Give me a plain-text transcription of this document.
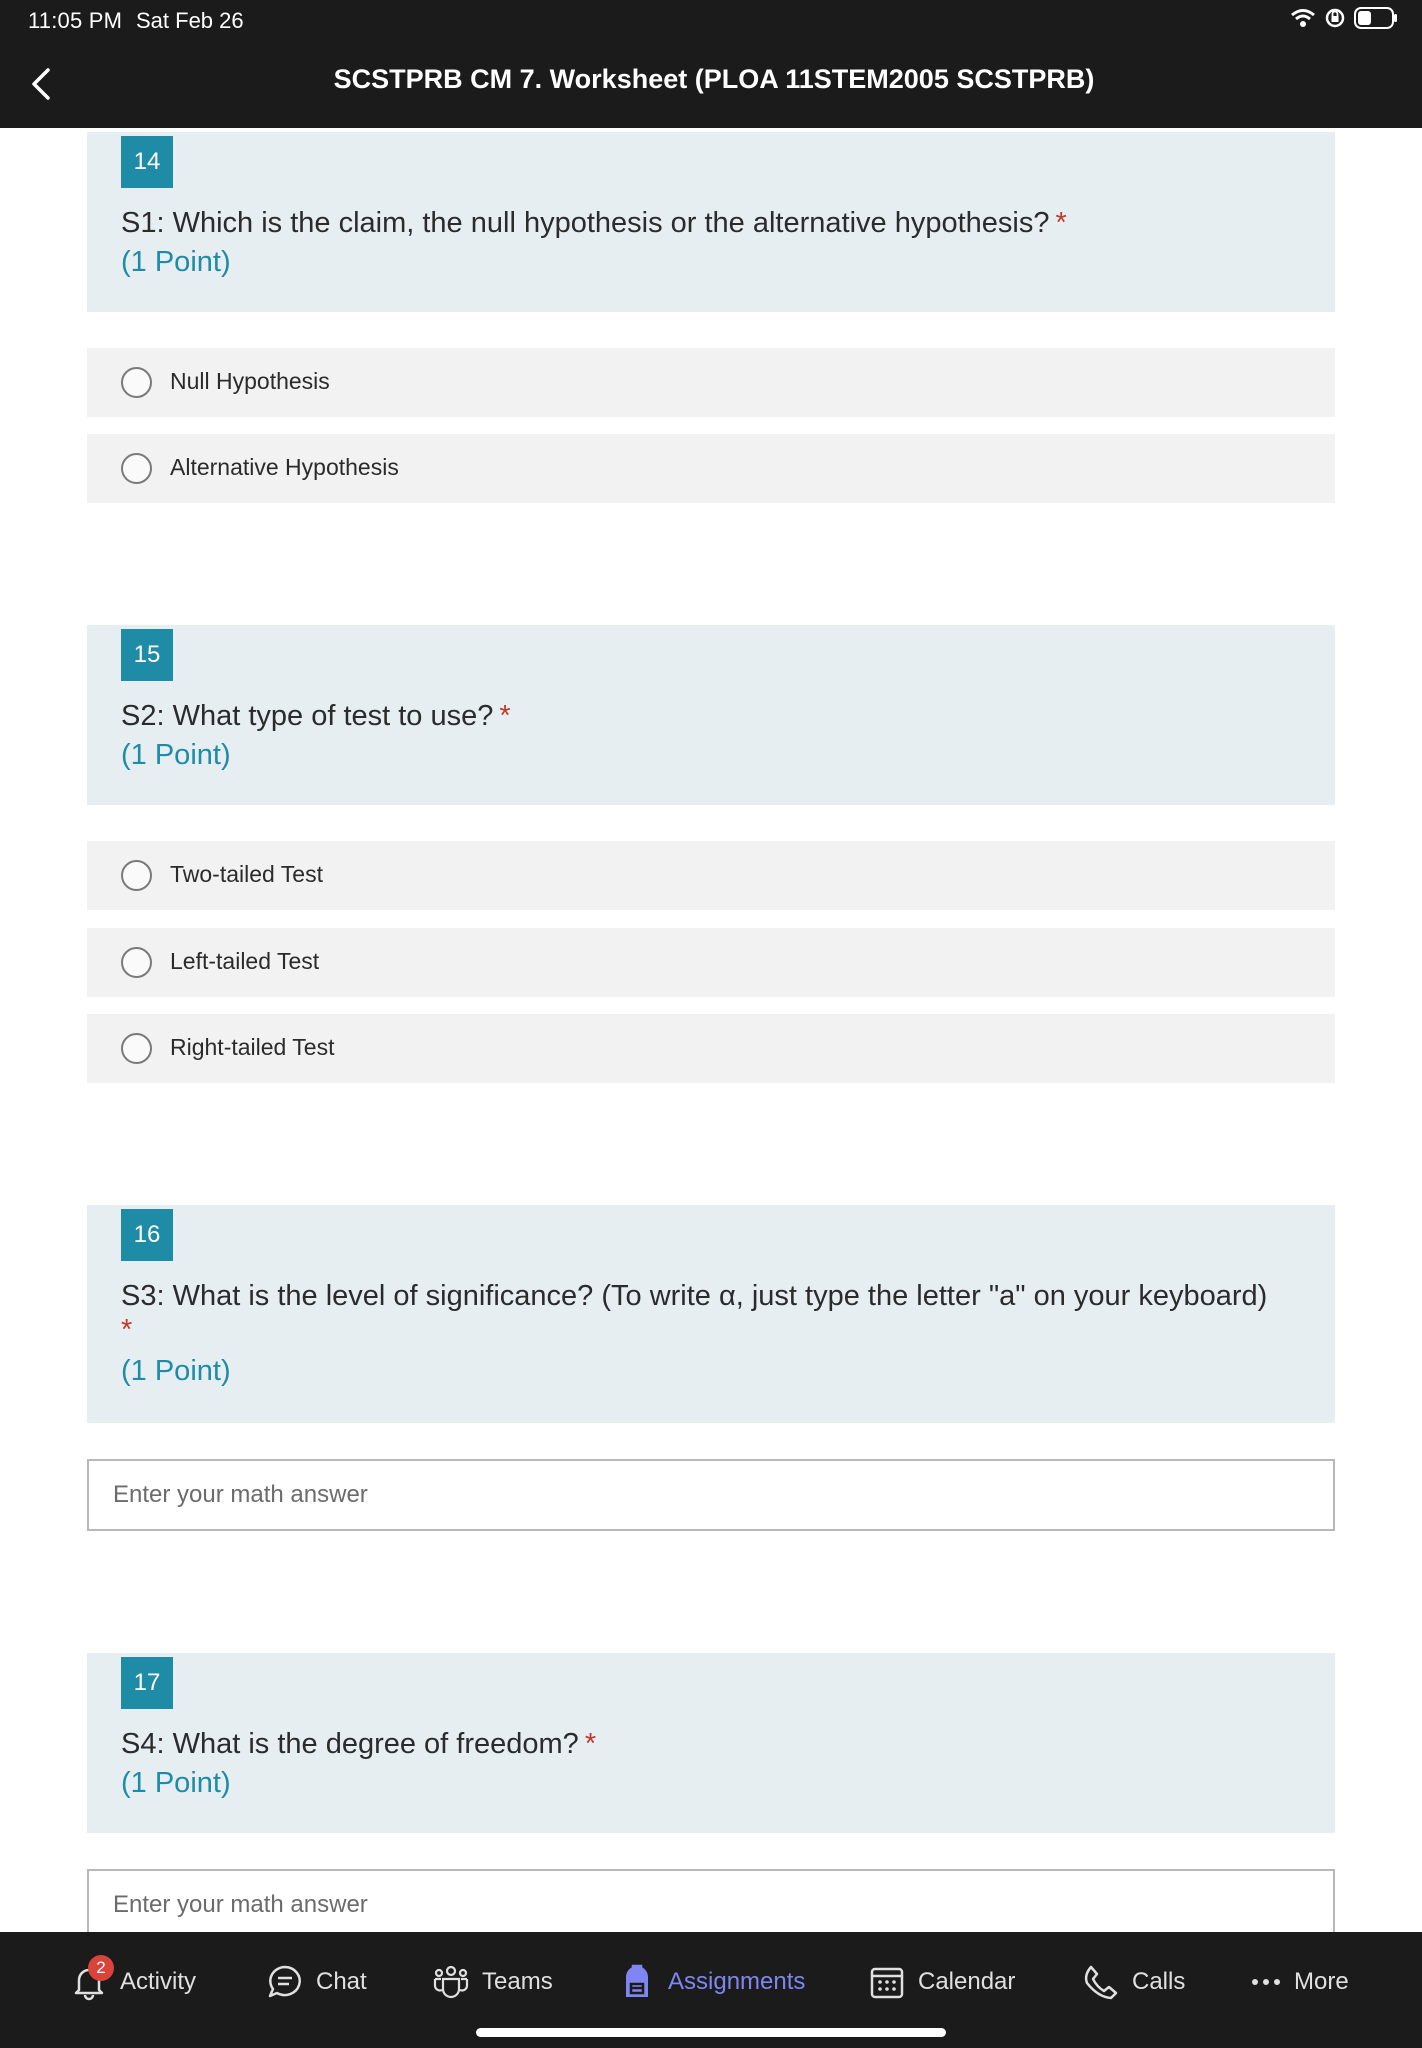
11:05 PM Sat Feb 26
SCSTPRB CM 7. Worksheet (PLOA 11STEM2005 SCSTPRB)
14
S1: Which is the claim, the null hypothesis or the alternative hypothesis? *
(1 Point)
Null Hypothesis
Alternative Hypothesis
15
S2: What type of test to use? *
(1 Point)
Two-tailed Test
Left-tailed Test
Right-tailed Test
16
S3: What is the level of significance? (To write α, just type the letter "a" on your keyboard)
*
(1 Point)
Enter your math answer
17
S4: What is the degree of freedom? *
(1 Point)
Enter your math answer
2
Activity	Chat	Teams	Assignments	Calendar	Calls	More
